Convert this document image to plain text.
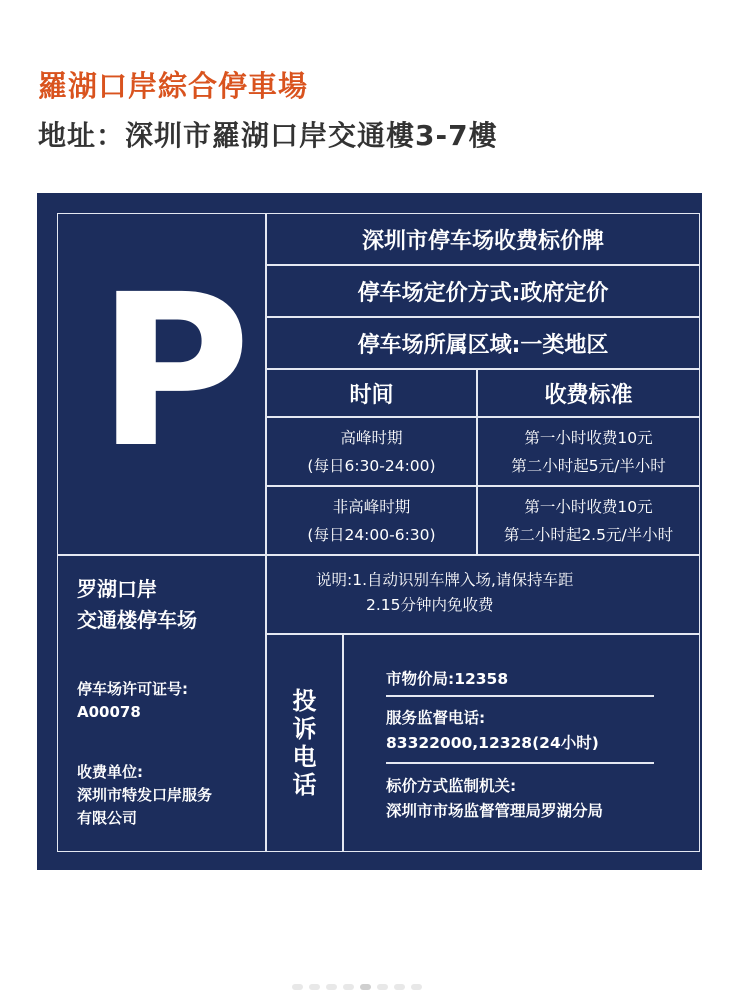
羅湖口岸綜合停車場
地址：深圳市羅湖口岸交通樓3-7樓
P
深圳市停车场收费标价牌
停车场定价方式:政府定价
停车场所属区域:一类地区
时间	收费标准
高峰时期
(每日6:30-24:00)
第一小时收费10元
第二小时起5元/半小时
非高峰时期
(每日24:00-6:30)
第一小时收费10元
第二小时起2.5元/半小时
罗湖口岸
交通楼停车场
停车场许可证号:
A00078
收费单位:
深圳市特发口岸服务
有限公司
说明:1.自动识别车牌入场,请保持车距
2.15分钟内免收费
投
诉
电
话
市物价局:12358
服务监督电话:
83322000,12328(24小时)
标价方式监制机关:
深圳市市场监督管理局罗湖分局
